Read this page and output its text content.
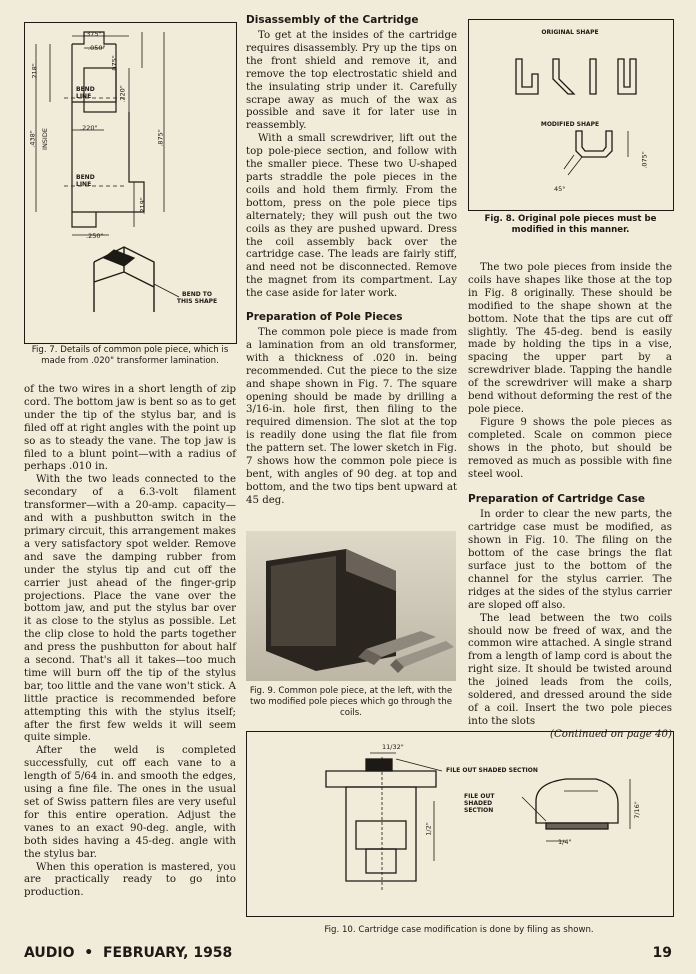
.375"
.050"
.075"
.218"
.220"
.438" INSIDE
.220"
.875"
.219"
.250"
BEND LINE
BEND LINE
BEND TO THIS SHAPE

Fig. 7. Details of common pole piece, which is made from .020" transformer lamination.

of the two wires in a short length of zip cord. The bottom jaw is bent so as to get under the tip of the stylus bar, and is filed off at right angles with the point up so as to steady the vane. The top jaw is filed to a blunt point—with a radius of perhaps .010 in.

With the two leads connected to the secondary of a 6.3-volt filament transformer—with a 20-amp. capacity—and with a pushbutton switch in the primary circuit, this arrangement makes a very satisfactory spot welder. Remove and save the damping rubber from under the stylus tip and cut off the carrier just ahead of the finger-grip projections. Place the vane over the bottom jaw, and put the stylus bar over it as close to the stylus as possible. Let the clip close to hold the parts together and press the pushbutton for about half a second. That's all it takes—too much time will burn off the tip of the stylus bar, too little and the vane won't stick. A little practice is recommended before attempting this with the stylus itself; after the first few welds it will seem quite simple.

After the weld is completed successfully, cut off each vane to a length of 5/64 in. and smooth the edges, using a fine file. The ones in the usual set of Swiss pattern files are very useful for this entire operation. Adjust the vanes to an exact 90-deg. angle, with both sides having a 45-deg. angle with the stylus bar.

When this operation is mastered, you are practically ready to go into production.

Disassembly of the Cartridge

To get at the insides of the cartridge requires disassembly. Pry up the tips on the front shield and remove it, and remove the top electrostatic shield and the insulating strip under it. Carefully scrape away as much of the wax as possible and save it for later use in reassembly.

With a small screwdriver, lift out the top pole-piece section, and follow with the smaller piece. These two U-shaped parts straddle the pole pieces in the coils and hold them firmly. From the bottom, press on the pole piece tips alternately; they will push out the two coils as they are pushed upward. Dress the coil assembly back over the cartridge case. The leads are fairly stiff, and need not be disconnected. Remove the magnet from its compartment. Lay the case aside for later work.

Preparation of Pole Pieces

The common pole piece is made from a lamination from an old transformer, with a thickness of .020 in. being recommended. Cut the piece to the size and shape shown in Fig. 7. The square opening should be made by drilling a 3/16-in. hole first, then filing to the required dimension. The slot at the top is readily done using the flat file from the pattern set. The lower sketch in Fig. 7 shows how the common pole piece is bent, with angles of 90 deg. at top and bottom, and the two tips bent upward at 45 deg.

Fig. 9. Common pole piece, at the left, with the two modified pole pieces which go through the coils.

ORIGINAL SHAPE
MODIFIED SHAPE
.075"
45°

Fig. 8. Original pole pieces must be modified in this manner.

The two pole pieces from inside the coils have shapes like those at the top in Fig. 8 originally. These should be modified to the shape shown at the bottom. Note that the tips are cut off slightly. The 45-deg. bend is easily made by holding the tips in a vise, spacing the upper part by a screwdriver blade. Tapping the handle of the screwdriver will make a sharp bend without deforming the rest of the pole piece.

Figure 9 shows the pole pieces as completed. Scale on common piece shows in the photo, but should be removed as much as possible with fine steel wool.

Preparation of Cartridge Case

In order to clear the new parts, the cartridge case must be modified, as shown in Fig. 10. The filing on the bottom of the case brings the flat surface just to the bottom of the channel for the stylus carrier. The ridges at the sides of the stylus carrier are sloped off also.

The lead between the two coils should now be freed of wax, and the common wire attached. A single strand from a length of lamp cord is about the right size. It should be twisted around the joined leads from the coils, soldered, and dressed around the side of a coil. Insert the two pole pieces into the slots

(Continued on page 40)

11/32"
1/2"
7/16"
1/4"
FILE OUT SHADED SECTION
FILE OUT SHADED SECTION

Fig. 10. Cartridge case modification is done by filing as shown.

AUDIO  •  FEBRUARY, 1958	19
